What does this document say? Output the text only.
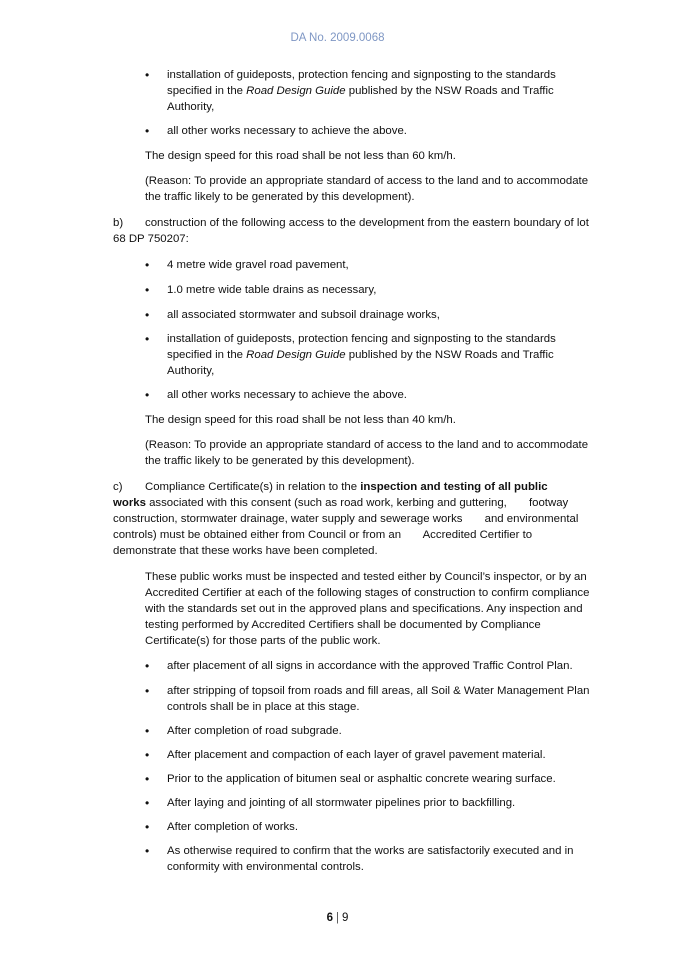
DA No. 2009.0068
• installation of guideposts, protection fencing and signposting to the standards specified in the Road Design Guide published by the NSW Roads and Traffic Authority,
• all other works necessary to achieve the above.

The design speed for this road shall be not less than 60 km/h.

(Reason: To provide an appropriate standard of access to the land and to accommodate the traffic likely to be generated by this development).

b) construction of the following access to the development from the eastern boundary of lot 68 DP 750207:
• 4 metre wide gravel road pavement,
• 1.0 metre wide table drains as necessary,
• all associated stormwater and subsoil drainage works,
• installation of guideposts, protection fencing and signposting to the standards specified in the Road Design Guide published by the NSW Roads and Traffic Authority,
• all other works necessary to achieve the above.

The design speed for this road shall be not less than 40 km/h.

(Reason: To provide an appropriate standard of access to the land and to accommodate the traffic likely to be generated by this development).

c) Compliance Certificate(s) in relation to the inspection and testing of all public       works associated with this consent (such as road work, kerbing and guttering,       footway construction, stormwater drainage, water supply and sewerage works       and environmental controls) must be obtained either from Council or from an       Accredited Certifier to demonstrate that these works have been completed.

These public works must be inspected and tested either by Council’s inspector, or by an Accredited Certifier at each of the following stages of construction to confirm compliance with the standards set out in the approved plans and specifications. Any inspection and testing performed by Accredited Certifiers shall be documented by Compliance Certificate(s) for those parts of the public work.

• after placement of all signs in accordance with the approved Traffic Control Plan.
• after stripping of topsoil from roads and fill areas, all Soil & Water Management Plan controls shall be in place at this stage.
• After completion of road subgrade.
• After placement and compaction of each layer of gravel pavement material.
• Prior to the application of bitumen seal or asphaltic concrete wearing surface.
• After laying and jointing of all stormwater pipelines prior to backfilling.
• After completion of works.
• As otherwise required to confirm that the works are satisfactorily executed and in conformity with environmental controls.
6 | 9
